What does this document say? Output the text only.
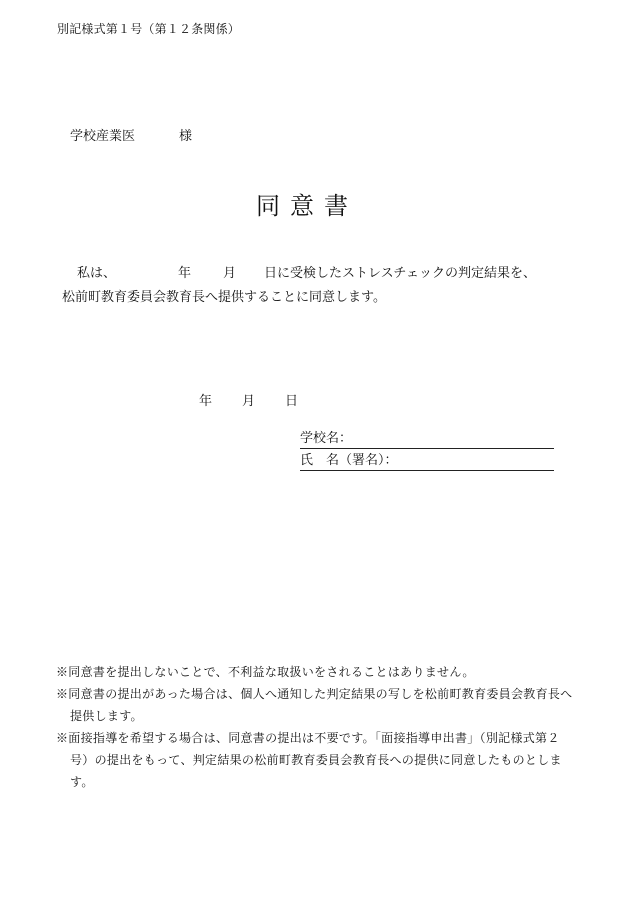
別記様式第１号（第１２条関係）
学校産業医	様
同意書
私は、	年 月 日に受検したストレスチェックの判定結果を、
松前町教育委員会教育長へ提供することに同意します。
年 月 日
学校名：
氏　名（署名）：
※同意書を提出しないことで、不利益な取扱いをされることはありません。
※同意書の提出があった場合は、個人へ通知した判定結果の写しを松前町教育委員会教育長へ提供します。
※面接指導を希望する場合は、同意書の提出は不要です。「面接指導申出書」（別記様式第２号）の提出をもって、判定結果の松前町教育委員会教育長への提供に同意したものとします。
